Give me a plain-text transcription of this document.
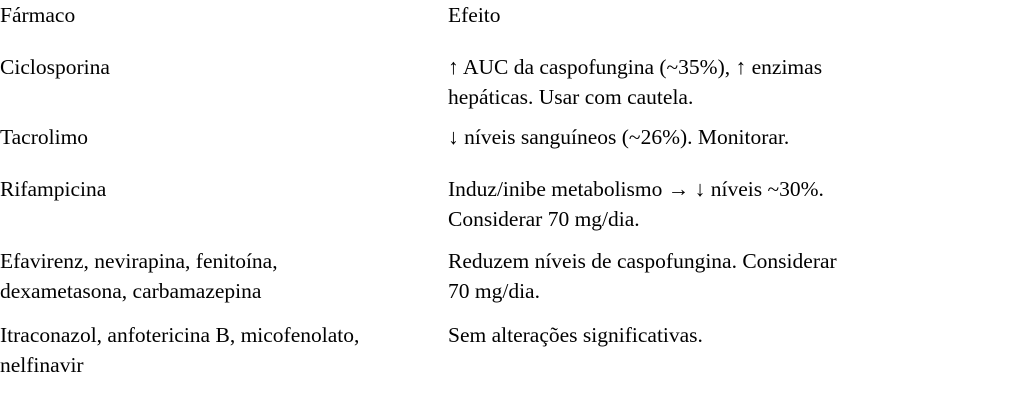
Fármaco	Efeito
Ciclosporina	↑ AUC da caspofungina (~35%), ↑ enzimas
hepáticas. Usar com cautela.

Tacrolimo	↓ níveis sanguíneos (~26%). Monitorar.

Rifampicina	Induz/inibe metabolismo → ↓ níveis ~30%.
Considerar 70 mg/dia.

Efavirenz, nevirapina, fenitoína,
dexametasona, carbamazepina	Reduzem níveis de caspofungina. Considerar
70 mg/dia.

Itraconazol, anfotericina B, micofenolato,
nelfinavir	Sem alterações significativas.
